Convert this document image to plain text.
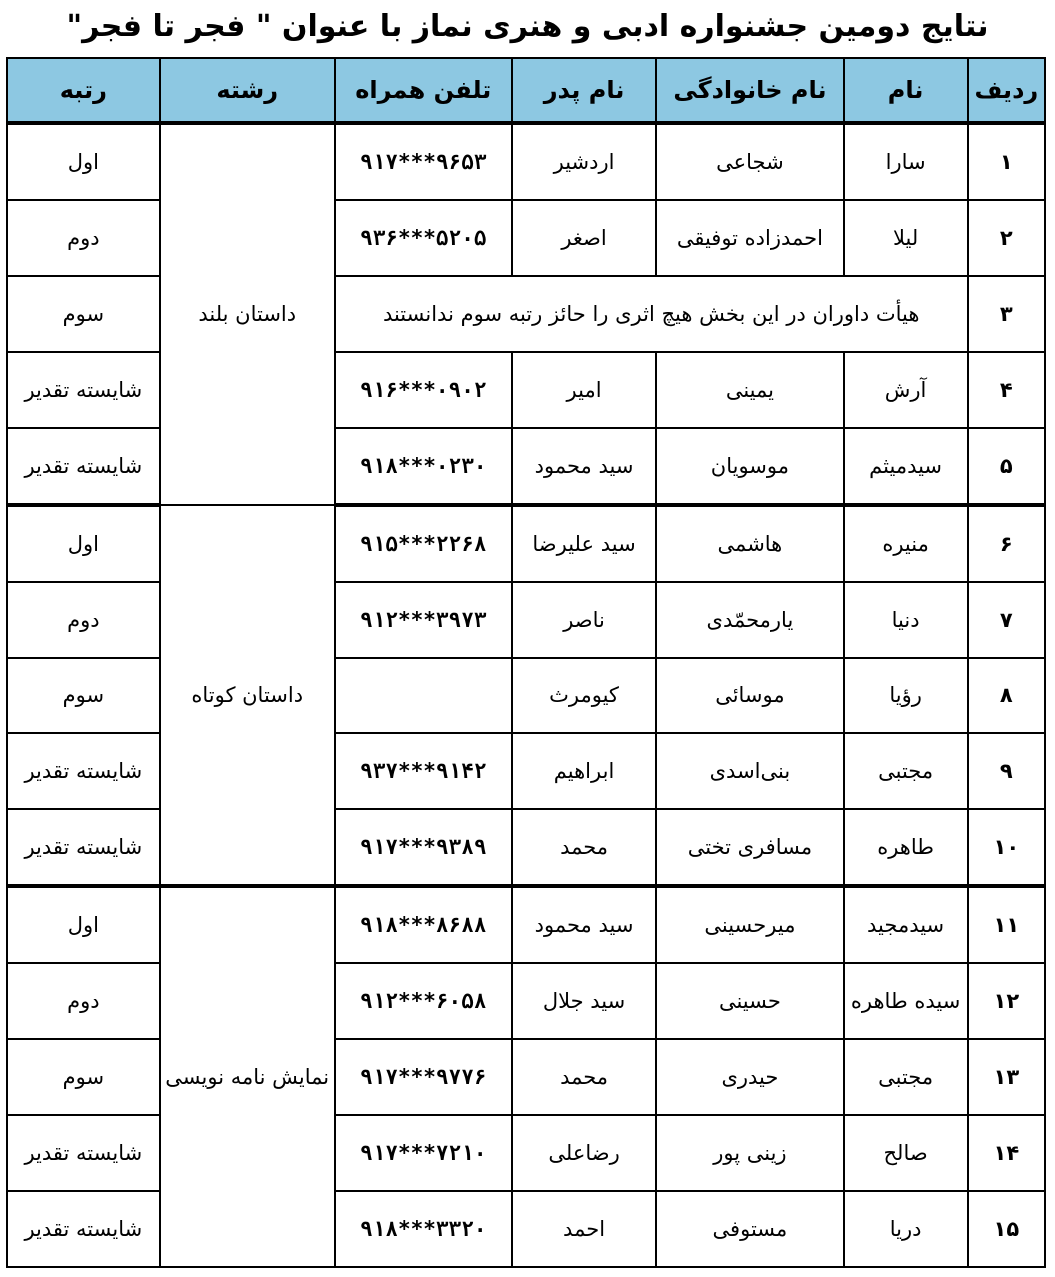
نتایج دومین جشنواره ادبی و هنری نماز با عنوان " فجر تا فجر"
ردیف	نام	نام خانوادگی	نام پدر	تلفن همراه	رشته	رتبه
۱	سارا	شجاعی	اردشیر	۹۱۷***۹۶۵۳	داستان بلند	اول
۲	لیلا	احمدزاده توفیقی	اصغر	۹۳۶***۵۲۰۵		دوم
۳	هیأت داوران در این بخش هیچ اثری را حائز رتبه سوم ندانستند					سوم
۴	آرش	یمینی	امیر	۹۱۶***۰۹۰۲		شایسته تقدیر
۵	سیدمیثم	موسویان	سید محمود	۹۱۸***۰۲۳۰		شایسته تقدیر
۶	منیره	هاشمی	سید علیرضا	۹۱۵***۲۲۶۸	داستان کوتاه	اول
۷	دنیا	یارمحمّدی	ناصر	۹۱۲***۳۹۷۳		دوم
۸	رؤیا	موسائی	کیومرث			سوم
۹	مجتبی	بنی‌اسدی	ابراهیم	۹۳۷***۹۱۴۲		شایسته تقدیر
۱۰	طاهره	مسافری تختی	محمد	۹۱۷***۹۳۸۹		شایسته تقدیر
۱۱	سیدمجید	میرحسینی	سید محمود	۹۱۸***۸۶۸۸	نمایش نامه نویسی	اول
۱۲	سیده طاهره	حسینی	سید جلال	۹۱۲***۶۰۵۸		دوم
۱۳	مجتبی	حیدری	محمد	۹۱۷***۹۷۷۶		سوم
۱۴	صالح	زینی پور	رضاعلی	۹۱۷***۷۲۱۰		شایسته تقدیر
۱۵	دریا	مستوفی	احمد	۹۱۸***۳۳۲۰		شایسته تقدیر
